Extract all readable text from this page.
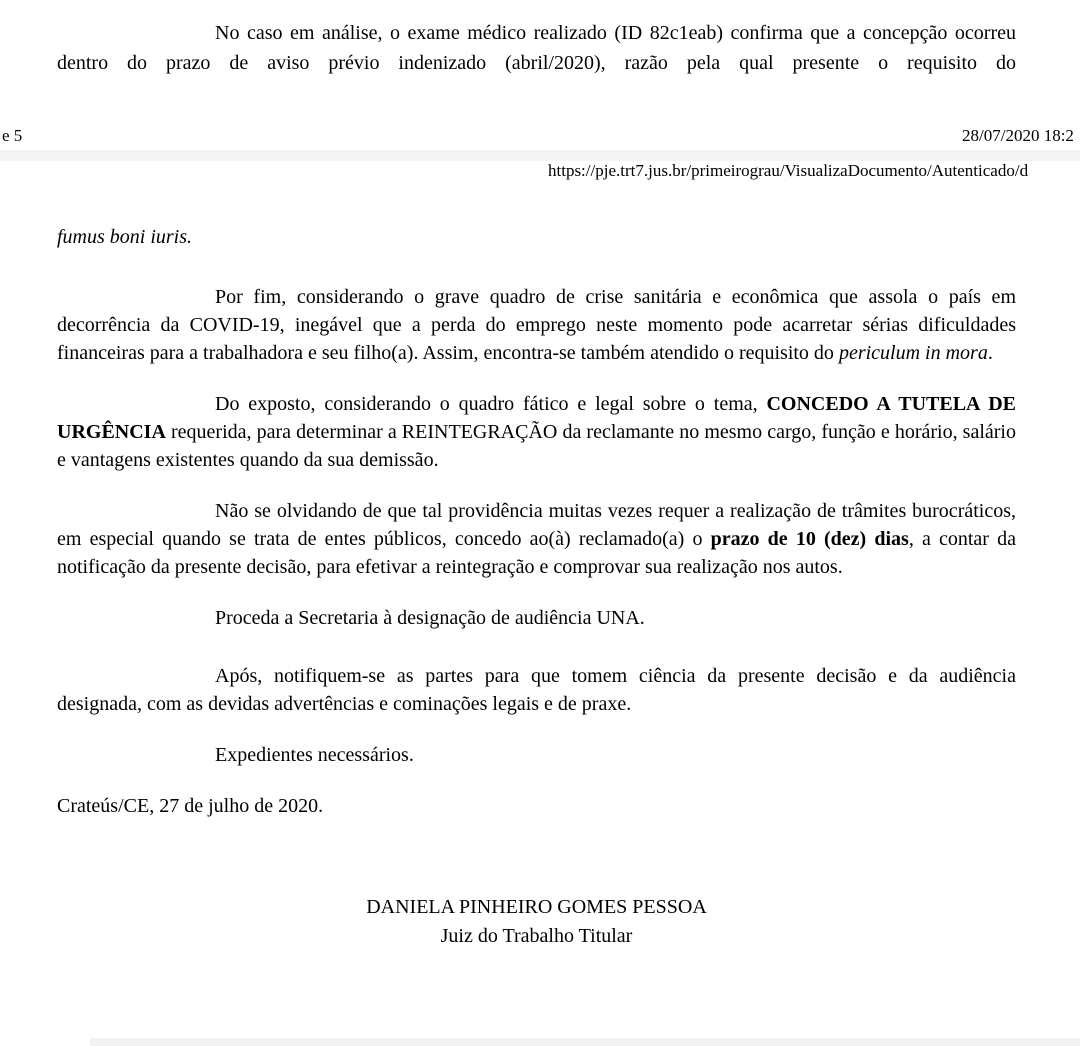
No caso em análise, o exame médico realizado (ID 82c1eab) confirma que a concepção ocorreu dentro do prazo de aviso prévio indenizado (abril/2020), razão pela qual presente o requisito do

e 5	28/07/2020 18:2
https://pje.trt7.jus.br/primeirograu/VisualizaDocumento/Autenticado/d

fumus boni iuris.

Por fim, considerando o grave quadro de crise sanitária e econômica que assola o país em decorrência da COVID-19, inegável que a perda do emprego neste momento pode acarretar sérias dificuldades financeiras para a trabalhadora e seu filho(a). Assim, encontra-se também atendido o requisito do periculum in mora.

Do exposto, considerando o quadro fático e legal sobre o tema, CONCEDO A TUTELA DE URGÊNCIA requerida, para determinar a REINTEGRAÇÃO da reclamante no mesmo cargo, função e horário, salário e vantagens existentes quando da sua demissão.

Não se olvidando de que tal providência muitas vezes requer a realização de trâmites burocráticos, em especial quando se trata de entes públicos, concedo ao(à) reclamado(a) o prazo de 10 (dez) dias, a contar da notificação da presente decisão, para efetivar a reintegração e comprovar sua realização nos autos.

Proceda a Secretaria à designação de audiência UNA.

Após, notifiquem-se as partes para que tomem ciência da presente decisão e da audiência designada, com as devidas advertências e cominações legais e de praxe.

Expedientes necessários.

Crateús/CE, 27 de julho de 2020.

DANIELA PINHEIRO GOMES PESSOA
Juiz do Trabalho Titular
